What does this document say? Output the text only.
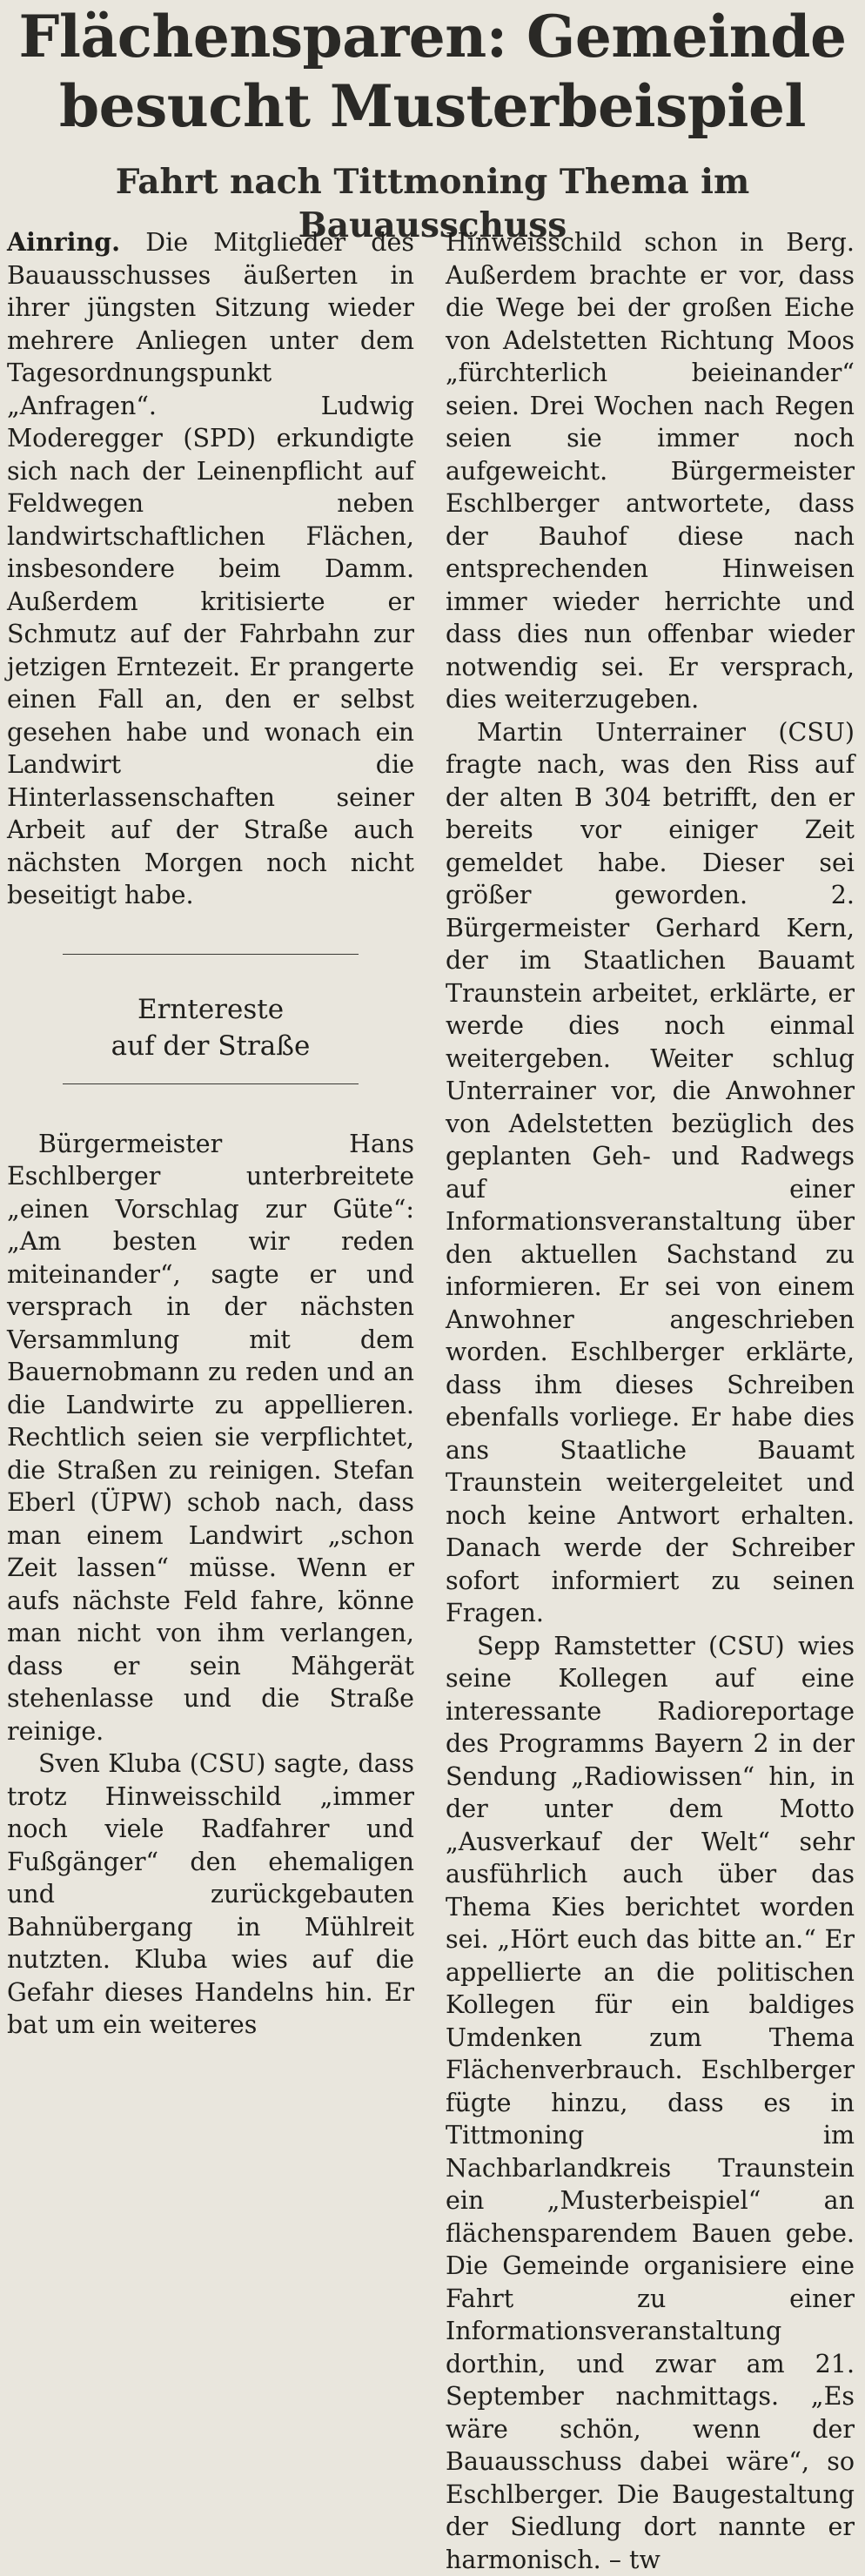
Flächensparen: Gemeinde
besucht Musterbeispiel
Fahrt nach Tittmoning Thema im Bauausschuss

Ainring. Die Mitglieder des Bauausschusses äußerten in ihrer jüngsten Sitzung wieder mehrere Anliegen unter dem Tagesordnungspunkt „Anfragen“. Ludwig Moderegger (SPD) erkundigte sich nach der Leinenpflicht auf Feldwegen neben landwirtschaftlichen Flächen, insbesondere beim Damm. Außerdem kritisierte er Schmutz auf der Fahrbahn zur jetzigen Erntezeit. Er prangerte einen Fall an, den er selbst gesehen habe und wonach ein Landwirt die Hinterlassenschaften seiner Arbeit auf der Straße auch nächsten Morgen noch nicht beseitigt habe.

Erntereste
auf der Straße

Bürgermeister Hans Eschlberger unterbreitete „einen Vorschlag zur Güte“: „Am besten wir reden miteinander“, sagte er und versprach in der nächsten Versammlung mit dem Bauernobmann zu reden und an die Landwirte zu appellieren. Rechtlich seien sie verpflichtet, die Straßen zu reinigen. Stefan Eberl (ÜPW) schob nach, dass man einem Landwirt „schon Zeit lassen“ müsse. Wenn er aufs nächste Feld fahre, könne man nicht von ihm verlangen, dass er sein Mähgerät stehenlasse und die Straße reinige.

Sven Kluba (CSU) sagte, dass trotz Hinweisschild „immer noch viele Radfahrer und Fußgänger“ den ehemaligen und zurückgebauten Bahnübergang in Mühlreit nutzten. Kluba wies auf die Gefahr dieses Handelns hin. Er bat um ein weiteres

Hinweisschild schon in Berg. Außerdem brachte er vor, dass die Wege bei der großen Eiche von Adelstetten Richtung Moos „fürchterlich beieinander“ seien. Drei Wochen nach Regen seien sie immer noch aufgeweicht. Bürgermeister Eschlberger antwortete, dass der Bauhof diese nach entsprechenden Hinweisen immer wieder herrichte und dass dies nun offenbar wieder notwendig sei. Er versprach, dies weiterzugeben.

Martin Unterrainer (CSU) fragte nach, was den Riss auf der alten B 304 betrifft, den er bereits vor einiger Zeit gemeldet habe. Dieser sei größer geworden. 2. Bürgermeister Gerhard Kern, der im Staatlichen Bauamt Traunstein arbeitet, erklärte, er werde dies noch einmal weitergeben. Weiter schlug Unterrainer vor, die Anwohner von Adelstetten bezüglich des geplanten Geh- und Radwegs auf einer Informationsveranstaltung über den aktuellen Sachstand zu informieren. Er sei von einem Anwohner angeschrieben worden. Eschlberger erklärte, dass ihm dieses Schreiben ebenfalls vorliege. Er habe dies ans Staatliche Bauamt Traunstein weitergeleitet und noch keine Antwort erhalten. Danach werde der Schreiber sofort informiert zu seinen Fragen.

Sepp Ramstetter (CSU) wies seine Kollegen auf eine interessante Radioreportage des Programms Bayern 2 in der Sendung „Radiowissen“ hin, in der unter dem Motto „Ausverkauf der Welt“ sehr ausführlich auch über das Thema Kies berichtet worden sei. „Hört euch das bitte an.“ Er appellierte an die politischen Kollegen für ein baldiges Umdenken zum Thema Flächenverbrauch. Eschlberger fügte hinzu, dass es in Tittmoning im Nachbarlandkreis Traunstein ein „Musterbeispiel“ an flächensparendem Bauen gebe. Die Gemeinde organisiere eine Fahrt zu einer Informationsveranstaltung dorthin, und zwar am 21. September nachmittags. „Es wäre schön, wenn der Bauausschuss dabei wäre“, so Eschlberger. Die Baugestaltung der Siedlung dort nannte er harmonisch. – tw
